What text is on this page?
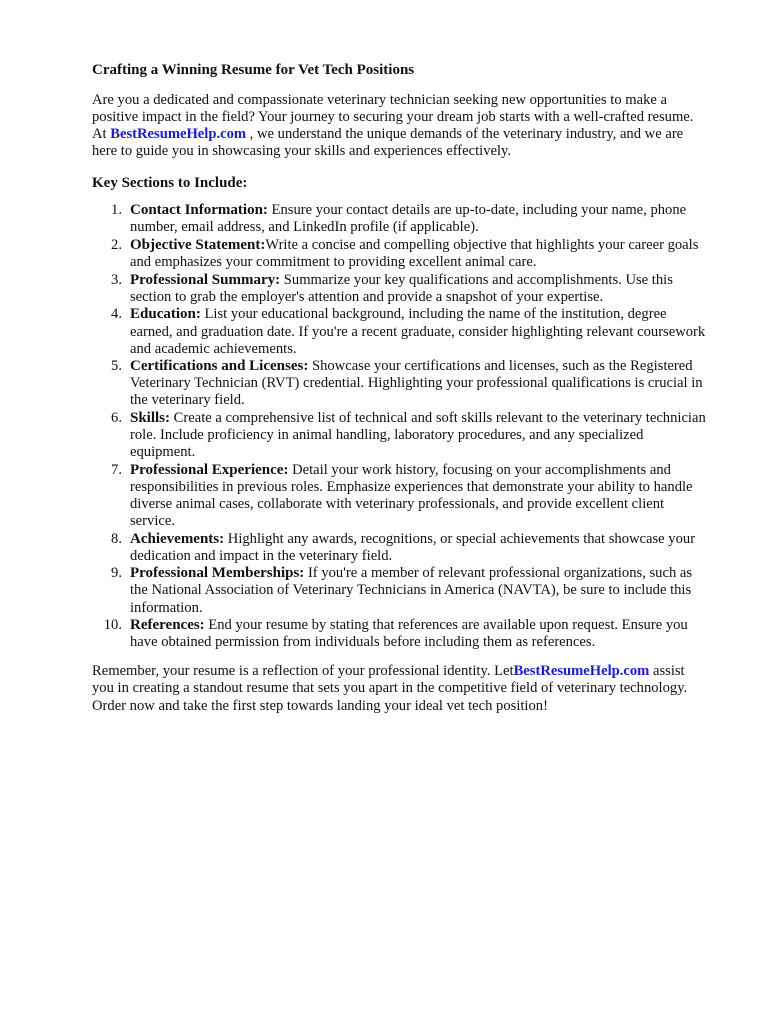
Crafting a Winning Resume for Vet Tech Positions

Are you a dedicated and compassionate veterinary technician seeking new opportunities to make a positive impact in the field? Your journey to securing your dream job starts with a well-crafted resume. At BestResumeHelp.com , we understand the unique demands of the veterinary industry, and we are here to guide you in showcasing your skills and experiences effectively.

Key Sections to Include:
1. Contact Information: Ensure your contact details are up-to-date, including your name, phone number, email address, and LinkedIn profile (if applicable).
2. Objective Statement:Write a concise and compelling objective that highlights your career goals and emphasizes your commitment to providing excellent animal care.
3. Professional Summary: Summarize your key qualifications and accomplishments. Use this section to grab the employer's attention and provide a snapshot of your expertise.
4. Education: List your educational background, including the name of the institution, degree earned, and graduation date. If you're a recent graduate, consider highlighting relevant coursework and academic achievements.
5. Certifications and Licenses: Showcase your certifications and licenses, such as the Registered Veterinary Technician (RVT) credential. Highlighting your professional qualifications is crucial in the veterinary field.
6. Skills: Create a comprehensive list of technical and soft skills relevant to the veterinary technician role. Include proficiency in animal handling, laboratory procedures, and any specialized equipment.
7. Professional Experience: Detail your work history, focusing on your accomplishments and responsibilities in previous roles. Emphasize experiences that demonstrate your ability to handle diverse animal cases, collaborate with veterinary professionals, and provide excellent client service.
8. Achievements: Highlight any awards, recognitions, or special achievements that showcase your dedication and impact in the veterinary field.
9. Professional Memberships: If you're a member of relevant professional organizations, such as the National Association of Veterinary Technicians in America (NAVTA), be sure to include this information.
10. References: End your resume by stating that references are available upon request. Ensure you have obtained permission from individuals before including them as references.

Remember, your resume is a reflection of your professional identity. LetBestResumeHelp.com assist you in creating a standout resume that sets you apart in the competitive field of veterinary technology. Order now and take the first step towards landing your ideal vet tech position!
